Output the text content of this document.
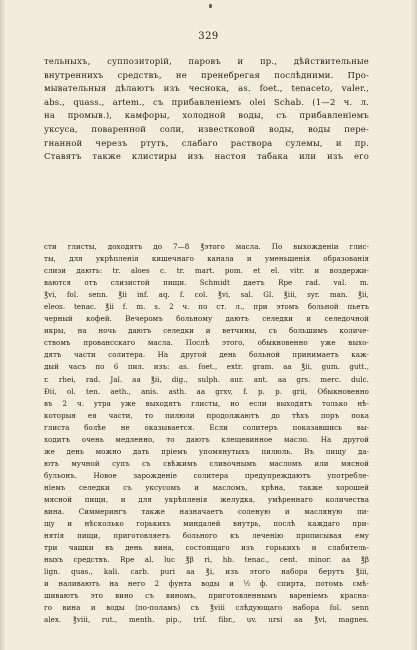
329
тельныхъ, суппозиторій, паровъ и пр., дѣйствительные
внутреннихъ средствъ, не пренебрегая послѣдними. Про-
мывательныя дѣлаютъ изъ чеснока, as. foet., tenaceto, valer.,
abs., quass., artem., съ прибавленіемъ olei Schab. (1—2 ч. л.
на промыв.), камфоры, холодной воды, съ прибавленіемъ
уксуса, поваренной соли, известковой воды, воды пере-
гнанной черезъ ртуть, слабаго раствора сулемы, и пр.
Ставятъ также клистиры изъ настоя табака или изъ его
сти глисты, доходятъ до 7—8 ℥этого масла. По выхожденіи глис-
ты, для укрѣпленія кишечнаго канала и уменьшенія образованія
слизи даютъ: tr. aloes c. tr. mart. pom. et el. vitr. и воздержи-
ваются отъ слизистой пищи. Schmidt даетъ Rpe rad. val. m.
℥vi, fol. senn. ℥ii inf. aq. f. col. ℥vi, sal. Gl. ℥iii, syr. man. ℥ii,
eleos. tenac. ℥ii f. m. s. 2 ч. по ст. л., при этомъ больной пьетъ
черный кофей. Вечеромъ больному даютъ селедки и селедочной
икры, на ночь даютъ селедки и ветчины, съ большимъ количе-
ствомъ провансскаго масла. Послѣ этого, обыкновенно уже выхо-
дятъ части солитера. На другой день больной принимаетъ каж-
дый часъ по 6 пил. изъ: as. foet., extr. gram. aa ℥ii, gum. gutt.,
r. rhei, rad. Jal. aa ℥ii, dig., sulph. aur. ant. aa grs. merc. dulc.
Ðii, ol. ten. aeth., anis. asth. aa grxv, f. p. p. grii, Обыкновенно
въ 2 ч. утра уже выходятъ глисты, но если выходятъ только нѣ-
которыя ея части, то пилюли продолжаютъ до тѣхъ поръ пока
глиста болѣе не оказывается. Если солитеръ показавшись вы-
ходитъ очень медленно, то даютъ клещевинное масло. На другой
же день можно дать пріемъ упомянутыхъ пилюль. Въ пищу да-
ютъ мучной супъ съ свѣжимъ сливочнымъ масломъ или мясной
бульонъ. Новое зарожденіе солитера предупреждаютъ употребле-
ніемъ селедки съ уксусомъ и масломъ, хрѣна, также хорошей
мясной пищи, и для укрѣпленія желудка, умѣреннаго количества
вина. Симмерингъ также назначаетъ соленую и масляную пи-
щу и нѣсколько горькихъ миндалей внутрь, послѣ каждаго при-
нятія пищи, приготовляетъ больного къ леченію прописывая ему
три чашки въ день вина, состоящаго изъ горькихъ и слабитель-
ныхъ средствъ. Rpe al. luc ℥β ri, hb. tenac., cent. minor. aa ℥β
lign. quas., kali. carb. puri aa ℥i, изъ этого набора берутъ ℥iii,
и наливаютъ на него 2 фунта воды и ½ ф. спирта, потомъ смѣ-
шиваютъ это вино съ виномъ, приготовленнымъ вареніемъ красна-
го вина и воды (по-поламъ) съ ℥viii слѣдующаго набора fol. senn
alex. ℥viii, rut., menth. pip., trif. fibr., uv. ursi aa ℥vi, magnes.
